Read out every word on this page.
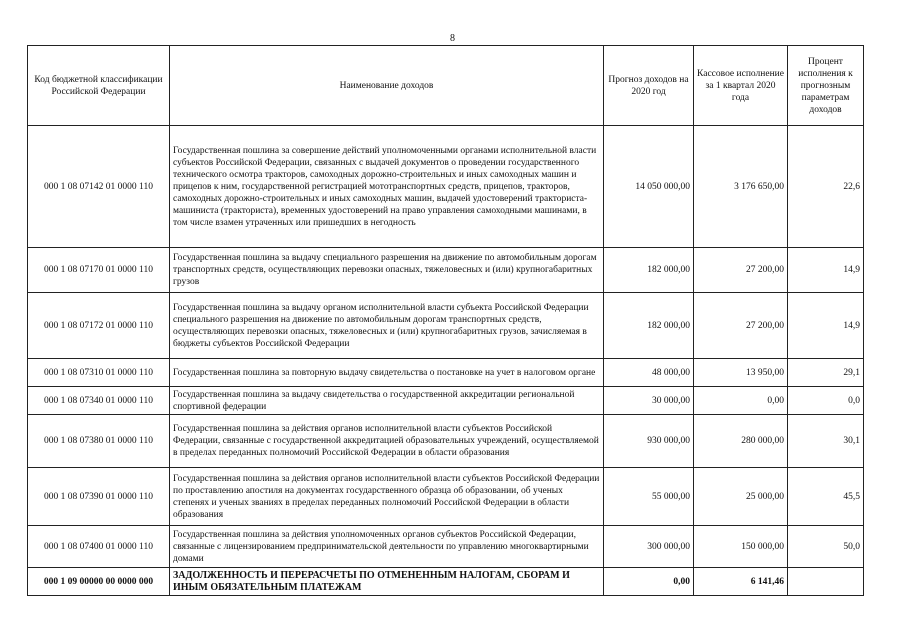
8
Код бюджетной классификации Российской Федерации	Наименование доходов	Прогноз доходов на 2020 год	Кассовое исполнение за 1 квартал 2020 года	Процент исполнения к прогнозным параметрам доходов
000 1 08 07142 01 0000 110	Государственная пошлина за совершение действий уполномоченными органами исполнительной власти субъектов Российской Федерации, связанных с выдачей документов о проведении государственного технического осмотра тракторов, самоходных дорожно-строительных и иных самоходных машин и прицепов к ним, государственной регистрацией мототранспортных средств, прицепов, тракторов, самоходных дорожно-строительных и иных самоходных машин, выдачей удостоверений тракториста-машиниста (тракториста), временных удостоверений на право управления самоходными машинами, в том числе взамен утраченных или пришедших в негодность	14 050 000,00	3 176 650,00	22,6
000 1 08 07170 01 0000 110	Государственная пошлина за выдачу специального разрешения на движение по автомобильным дорогам транспортных средств, осуществляющих перевозки опасных, тяжеловесных и (или) крупногабаритных грузов	182 000,00	27 200,00	14,9
000 1 08 07172 01 0000 110	Государственная пошлина за выдачу органом исполнительной власти субъекта Российской Федерации специального разрешения на движение по автомобильным дорогам транспортных средств, осуществляющих перевозки опасных, тяжеловесных и (или) крупногабаритных грузов, зачисляемая в бюджеты субъектов Российской Федерации	182 000,00	27 200,00	14,9
000 1 08 07310 01 0000 110	Государственная пошлина за повторную выдачу свидетельства о постановке на учет в налоговом органе	48 000,00	13 950,00	29,1
000 1 08 07340 01 0000 110	Государственная пошлина за выдачу свидетельства о государственной аккредитации региональной спортивной федерации	30 000,00	0,00	0,0
000 1 08 07380 01 0000 110	Государственная пошлина за действия органов исполнительной власти субъектов Российской Федерации, связанные с государственной аккредитацией образовательных учреждений, осуществляемой в пределах переданных полномочий Российской Федерации в области образования	930 000,00	280 000,00	30,1
000 1 08 07390 01 0000 110	Государственная пошлина за действия органов исполнительной власти субъектов Российской Федерации по проставлению апостиля на документах государственного образца об образовании, об ученых степенях и ученых званиях в пределах переданных полномочий Российской Федерации в области образования	55 000,00	25 000,00	45,5
000 1 08 07400 01 0000 110	Государственная пошлина за действия уполномоченных органов субъектов Российской Федерации, связанные с лицензированием предпринимательской деятельности по управлению многоквартирными домами	300 000,00	150 000,00	50,0
000 1 09 00000 00 0000 000	ЗАДОЛЖЕННОСТЬ И ПЕРЕРАСЧЕТЫ ПО ОТМЕНЕННЫМ НАЛОГАМ, СБОРАМ И ИНЫМ ОБЯЗАТЕЛЬНЫМ ПЛАТЕЖАМ	0,00	6 141,46	
